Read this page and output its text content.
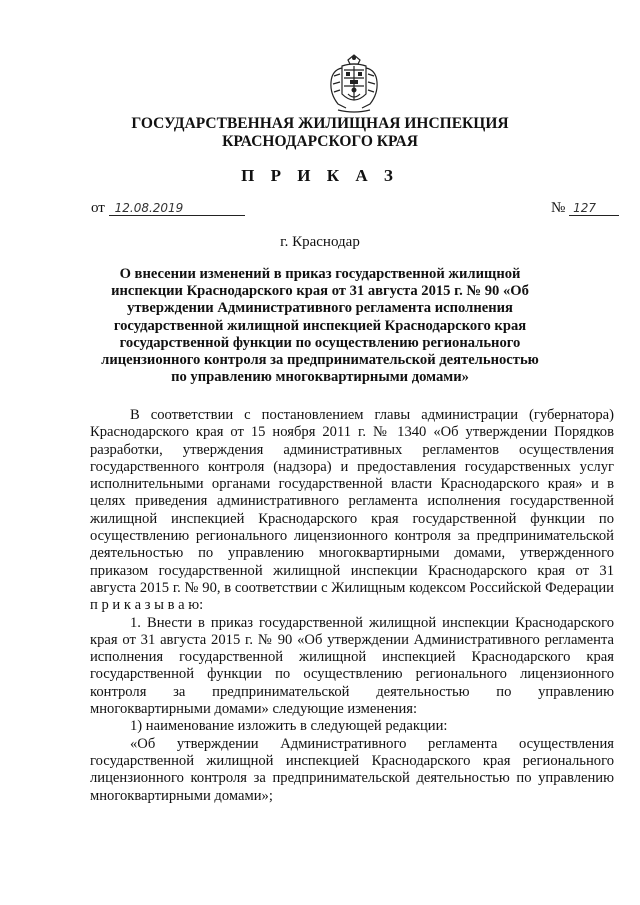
ГОСУДАРСТВЕННАЯ ЖИЛИЩНАЯ ИНСПЕКЦИЯ
КРАСНОДАРСКОГО КРАЯ
П Р И К А З
от 12.08.2019	№ 127
г. Краснодар
О внесении изменений в приказ государственной жилищной инспекции Краснодарского края от 31 августа 2015 г. № 90 «Об утверждении Административного регламента исполнения государственной жилищной инспекцией Краснодарского края государственной функции по осуществлению регионального лицензионного контроля за предпринимательской деятельностью по управлению многоквартирными домами»

В соответствии с постановлением главы администрации (губернатора) Краснодарского края от 15 ноября 2011 г. № 1340 «Об утверждении Порядков разработки, утверждения административных регламентов осуществления государственного контроля (надзора) и предоставления государственных услуг исполнительными органами государственной власти Краснодарского края» и в целях приведения административного регламента исполнения государственной жилищной инспекцией Краснодарского края государственной функции по осуществлению регионального лицензионного контроля за предпринимательской деятельностью по управлению многоквартирными домами, утвержденного приказом государственной жилищной инспекции Краснодарского края от 31 августа 2015 г. № 90, в соответствии с Жилищным кодексом Российской Федерации п р и к а з ы в а ю:

1. Внести в приказ государственной жилищной инспекции Краснодарского края от 31 августа 2015 г. № 90 «Об утверждении Административного регламента исполнения государственной жилищной инспекцией Краснодарского края государственной функции по осуществлению регионального лицензионного контроля за предпринимательской деятельностью по управлению многоквартирными домами» следующие изменения:

1) наименование изложить в следующей редакции:

«Об утверждении Административного регламента осуществления государственной жилищной инспекцией Краснодарского края регионального лицензионного контроля за предпринимательской деятельностью по управлению многоквартирными домами»;
